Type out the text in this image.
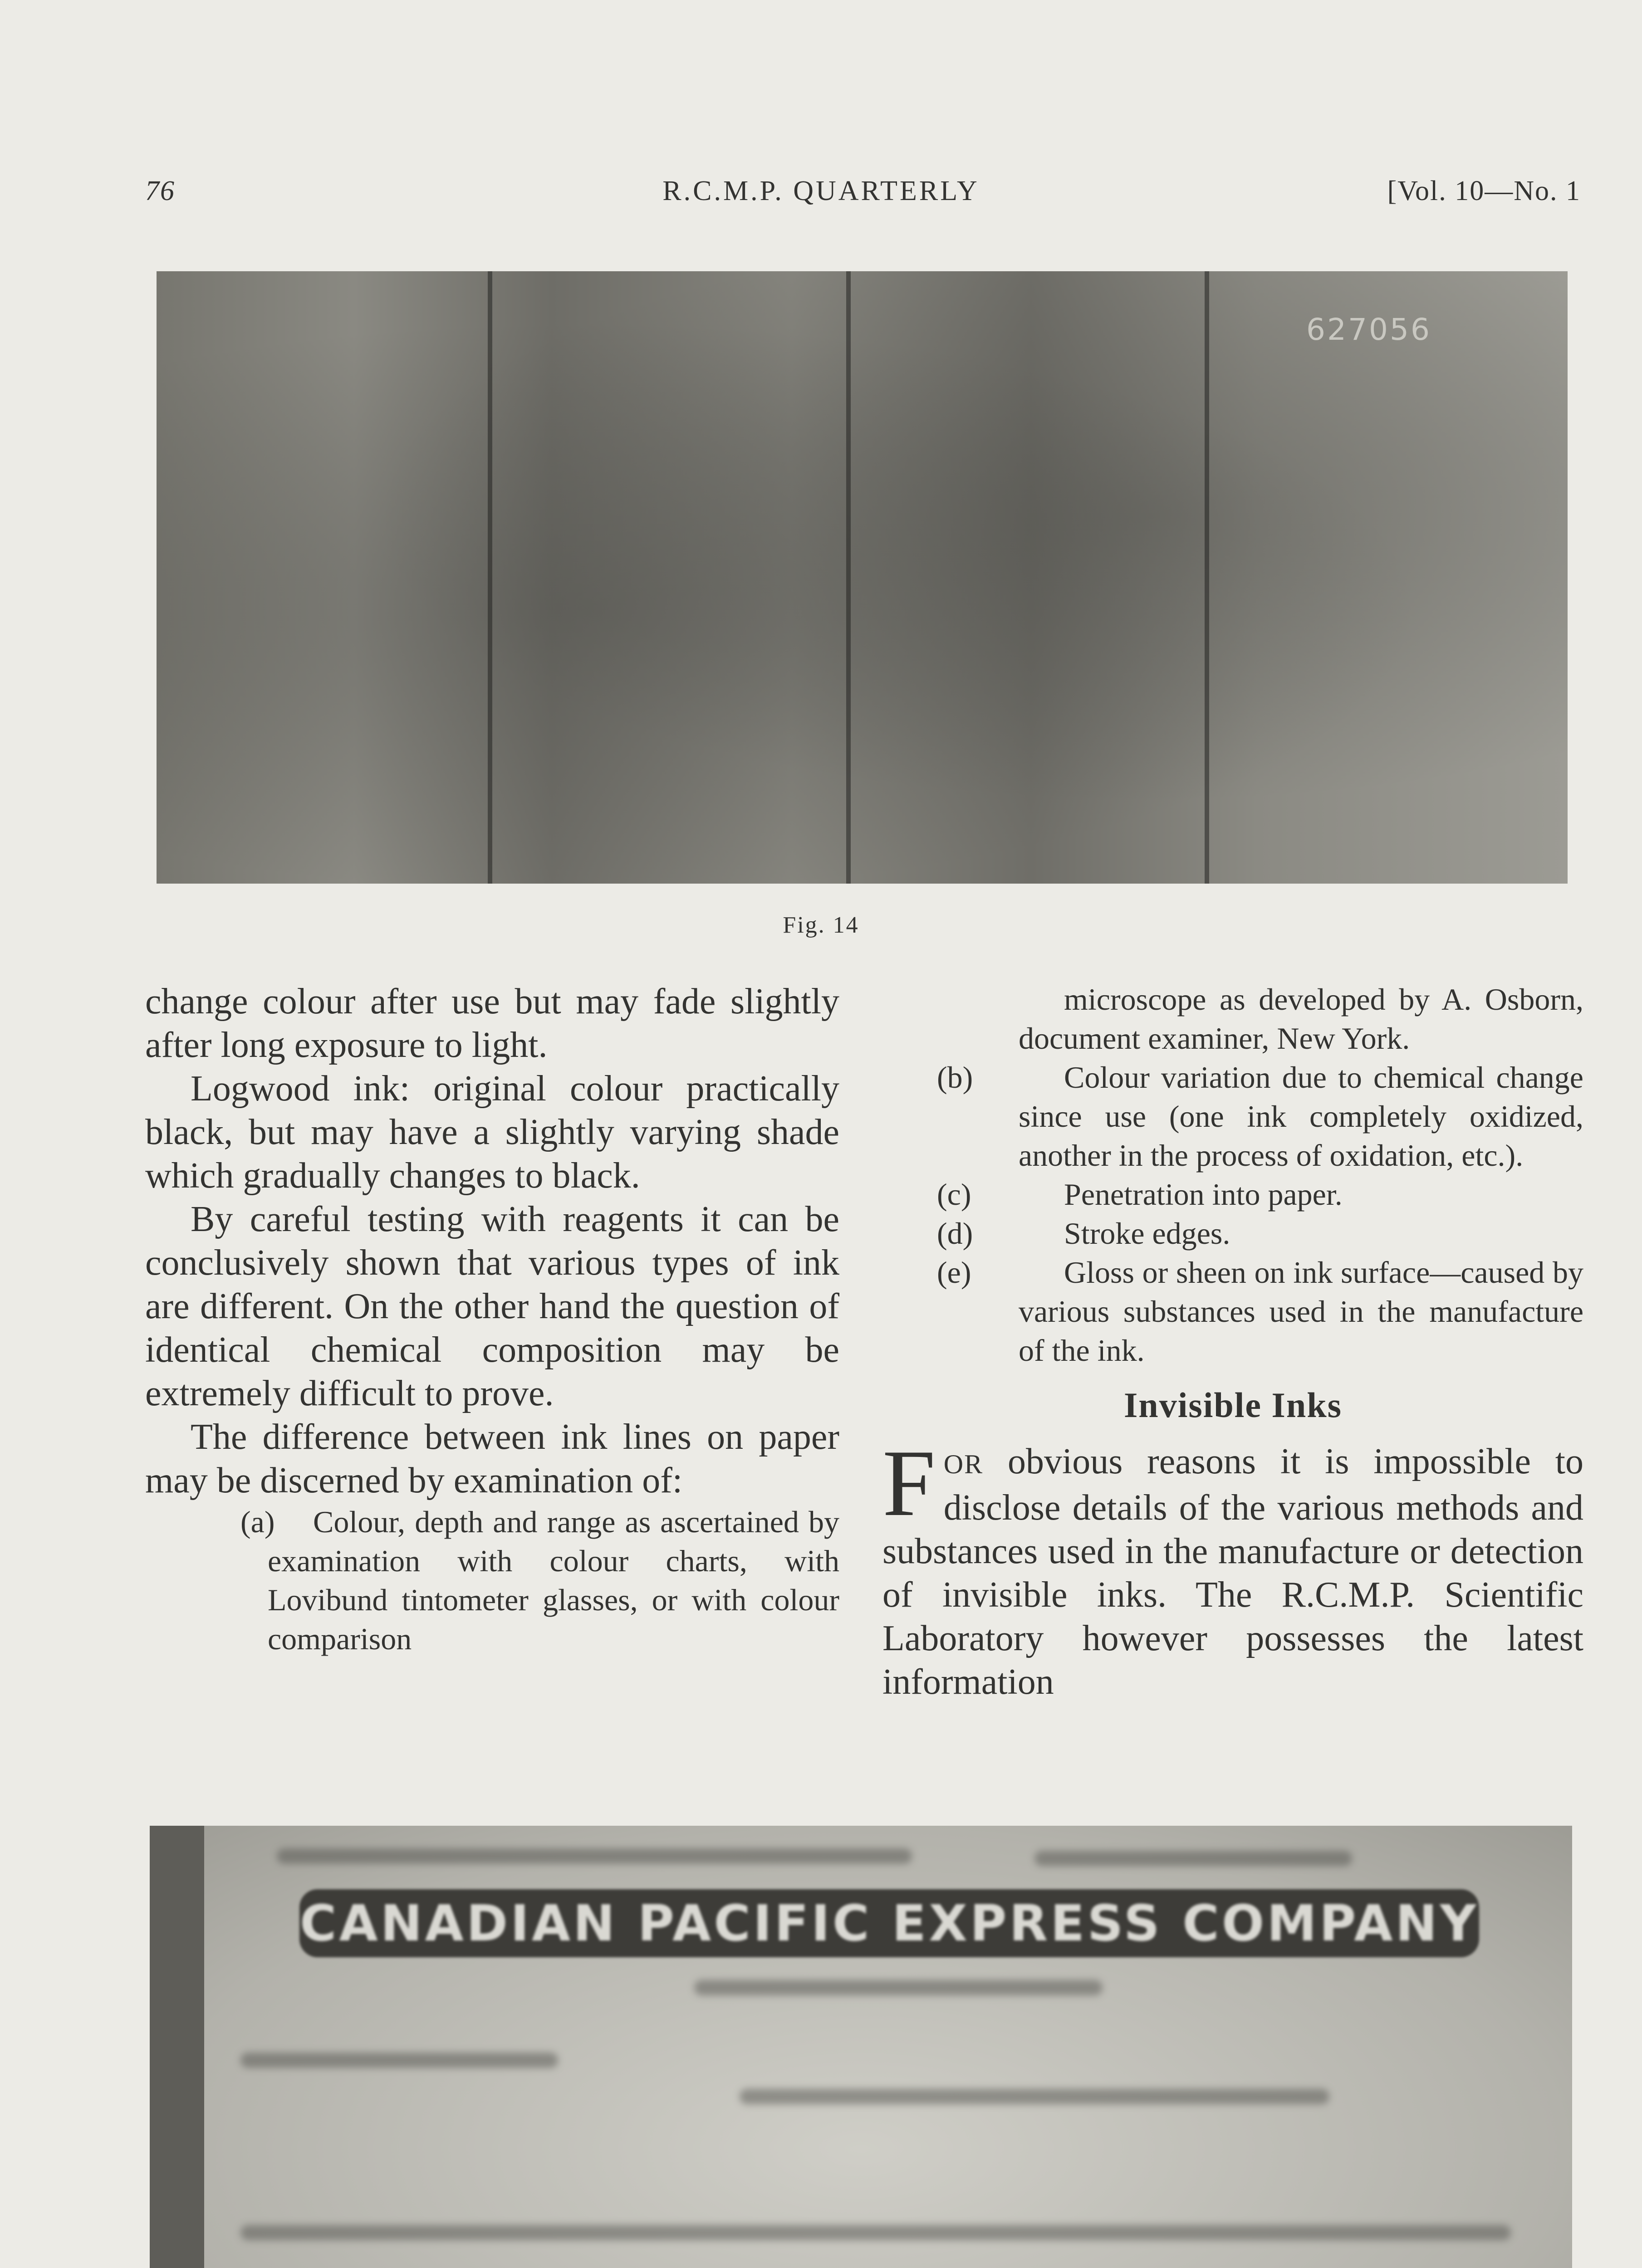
76	R.C.M.P. QUARTERLY	[Vol. 10—No. 1
627056
Fig. 14

change colour after use but may fade slightly after long exposure to light.

Logwood ink: original colour practically black, but may have a slightly varying shade which gradually changes to black.

By careful testing with reagents it can be conclusively shown that various types of ink are different. On the other hand the question of identical chemical composition may be extremely difficult to prove.

The difference between ink lines on paper may be discerned by examination of:

(a) Colour, depth and range as ascertained by examination with colour charts, with Lovibund tintometer glasses, or with colour comparison

microscope as developed by A. Osborn, document examiner, New York.

(b)	Colour variation due to chemical change since use (one ink completely oxidized, another in the process of oxidation, etc.).

(c)	Penetration into paper.

(d)	Stroke edges.

(e)	Gloss or sheen on ink surface—caused by various substances used in the manufacture of the ink.

Invisible Inks

FOR obvious reasons it is impossible to disclose details of the various methods and substances used in the manufacture or detection of invisible inks. The R.C.M.P. Scientific Laboratory however possesses the latest information

CANADIAN PACIFIC EXPRESS COMPANY
